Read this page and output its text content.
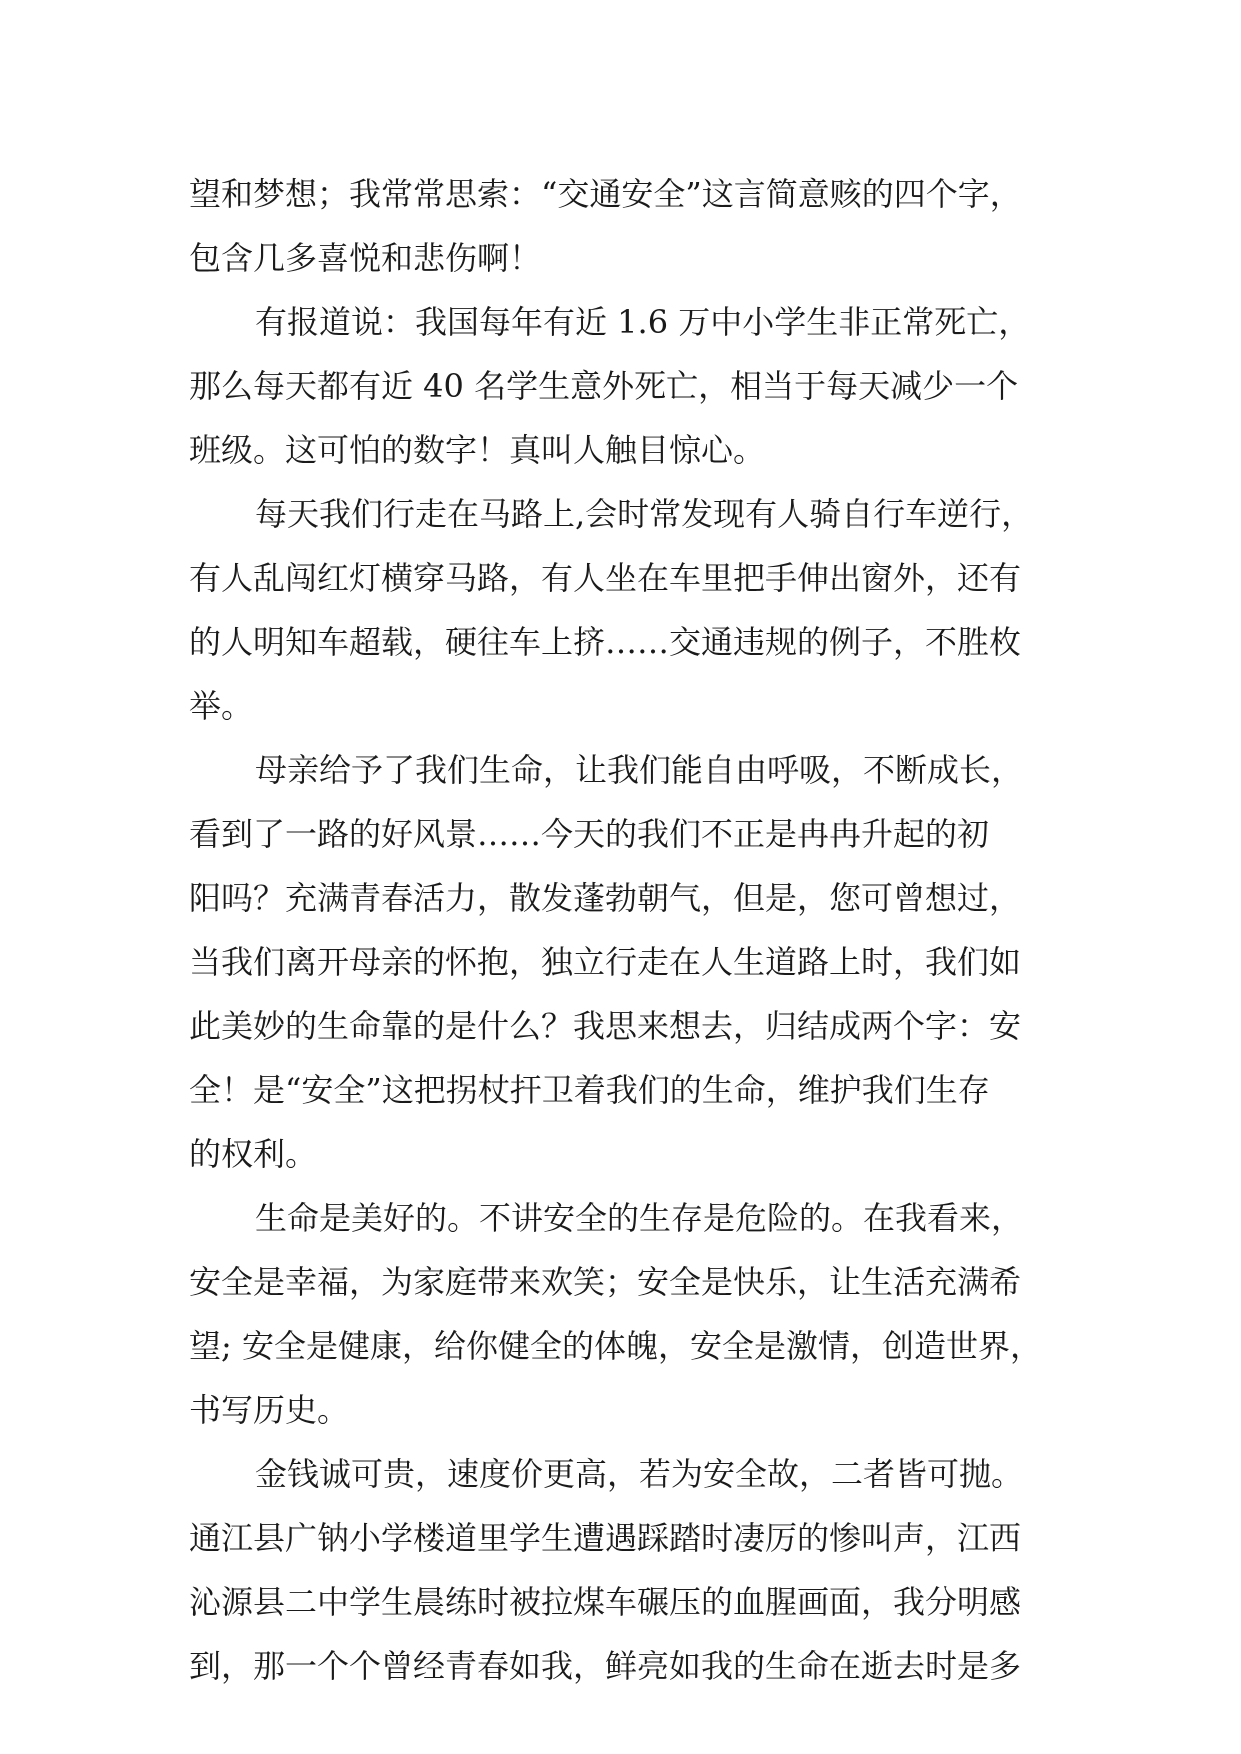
望和梦想；我常常思索：“交通安全”这言简意赅的四个字，
包含几多喜悦和悲伤啊！
有报道说：我国每年有近 1.6 万中小学生非正常死亡，
那么每天都有近 40 名学生意外死亡，相当于每天减少一个
班级。这可怕的数字！真叫人触目惊心。
每天我们行走在马路上,会时常发现有人骑自行车逆行，
有人乱闯红灯横穿马路，有人坐在车里把手伸出窗外，还有
的人明知车超载，硬往车上挤……交通违规的例子，不胜枚
举。
母亲给予了我们生命，让我们能自由呼吸，不断成长，
看到了一路的好风景……今天的我们不正是冉冉升起的初
阳吗？充满青春活力，散发蓬勃朝气，但是，您可曾想过，
当我们离开母亲的怀抱，独立行走在人生道路上时，我们如
此美妙的生命靠的是什么？我思来想去，归结成两个字：安
全！是“安全”这把拐杖扞卫着我们的生命，维护我们生存
的权利。
生命是美好的。不讲安全的生存是危险的。在我看来，
安全是幸福，为家庭带来欢笑；安全是快乐，让生活充满希
望; 安全是健康，给你健全的体魄，安全是激情，创造世界，
书写历史。
金钱诚可贵，速度价更高，若为安全故，二者皆可抛。
通江县广钠小学楼道里学生遭遇踩踏时凄厉的惨叫声，江西
沁源县二中学生晨练时被拉煤车碾压的血腥画面，我分明感
到，那一个个曾经青春如我，鲜亮如我的生命在逝去时是多
